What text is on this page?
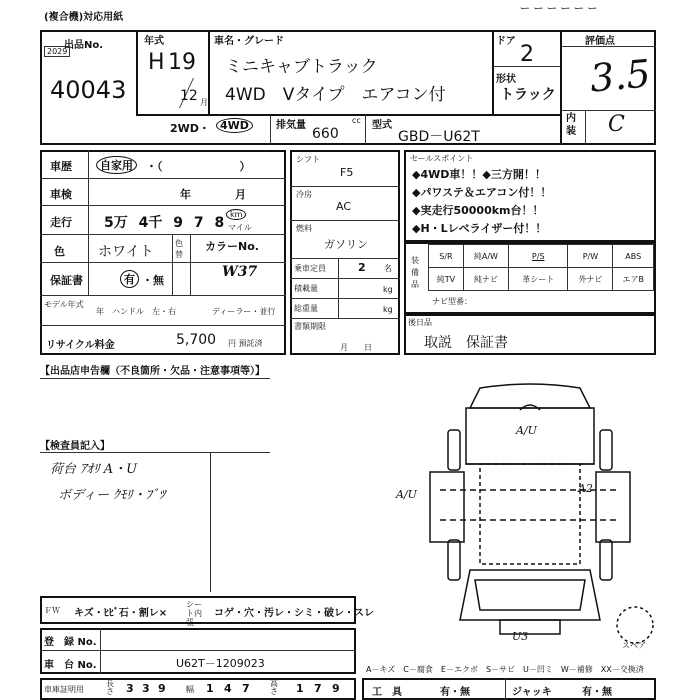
(複合機)対応用紙
ー ー ー ー ー ー
出品No.
2029
40043
年式
H 19
12 月
車名・グレード
ミニキャブトラック
4WD　Vタイプ　エアコン付
ドア
2
形状
トラック
評価点
3.5
内装 C
2WD・ 4WD	排気量	cc
660
型式
GBD－U62T
車歴	自家用	・（　　　　　　　）
車検	年　　　　月
走行 5万 4千 9 7 8
km
マイル
色 ホワイト
色替
カラーNo.
W37
保証書	有 ・無
モデル年式
年　ハンドル　左・右	ディーラー・並行
リサイクル料金	5,700 円 預託済
シフト
F5
冷房
AC
燃料
ガソリン
乗車定員	2 名
積載量	kg
総重量	kg
書類期限
月　　日
セールスポイント
◆4WD車！！◆三方開！！
◆パワステ＆エアコン付！！
◆実走行50000km台！！
◆H・Lレベライザー付！！
装備品
S/R	純A/W	P/S	P/W	ABS
純TV	純ナビ	革シート	外ナビ	エアB
ナビ型番：
後日品
取説　保証書
【出品店申告欄（不良箇所・欠品・注意事項等）】
【検査員記入】
荷台 ｱｵﾘ A・U
ボディー ｸﾓﾘ・ﾌﾞﾂ
A/U
A/U	A2
U3
スペア
ＦＷ キズ・ﾋﾋﾞ石・割レ×
シート内張
コゲ・穴・汚レ・シミ・破レ・スレ
登　録 No.
車　台 No.	U62T－1209023	A－キズ　C－腐食　E－エクボ　S－サビ　U－凹ミ　W－補修　XX－交換済
車庫証明用
長さ 3 3 9	幅 1 4 7	高さ 1 7 9	工　具	有・無	ジャッキ	有・無
